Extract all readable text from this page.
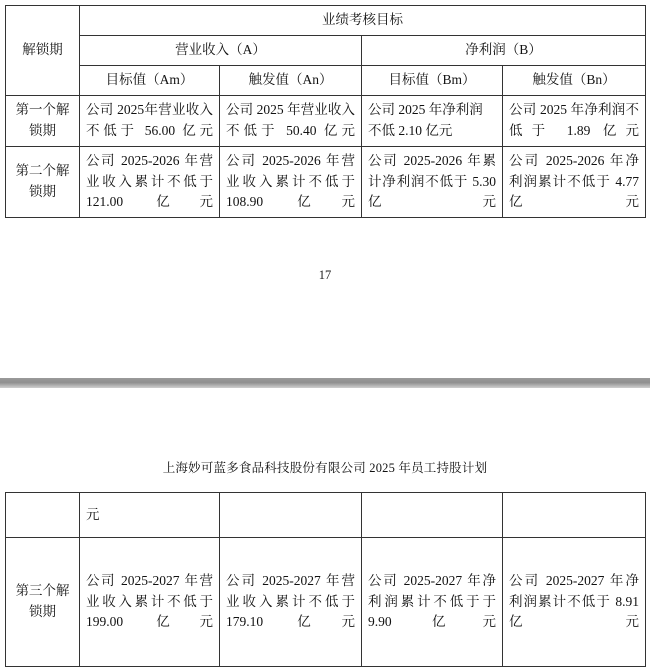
解锁期	业绩考核目标			
	营业收入（A）		净利润（B）	
	目标值（Am）	触发值（An）	目标值（Bm）	触发值（Bn）
第一个解锁期	公司 2025年营业收入不低于 56.00 亿元	公司 2025 年营业收入不低于 50.40 亿元	公司 2025 年净利润不低 2.10 亿元	公司 2025 年净利润不低于 1.89 亿元
第二个解锁期	公司 2025-2026 年营业收入累计不低于 121.00 亿元	公司 2025-2026 年营业收入累计不低于 108.90 亿元	公司 2025-2026 年累计净利润不低于 5.30 亿元	公司 2025-2026 年净利润累计不低于 4.77 亿元
17
上海妙可蓝多食品科技股份有限公司 2025 年员工持股计划
	元			
第三个解锁期	公司 2025-2027 年营业收入累计不低于 199.00 亿元	公司 2025-2027 年营业收入累计不低于 179.10 亿元	公司 2025-2027 年净利润累计不低于于 9.90 亿元	公司 2025-2027 年净利润累计不低于 8.91 亿元
